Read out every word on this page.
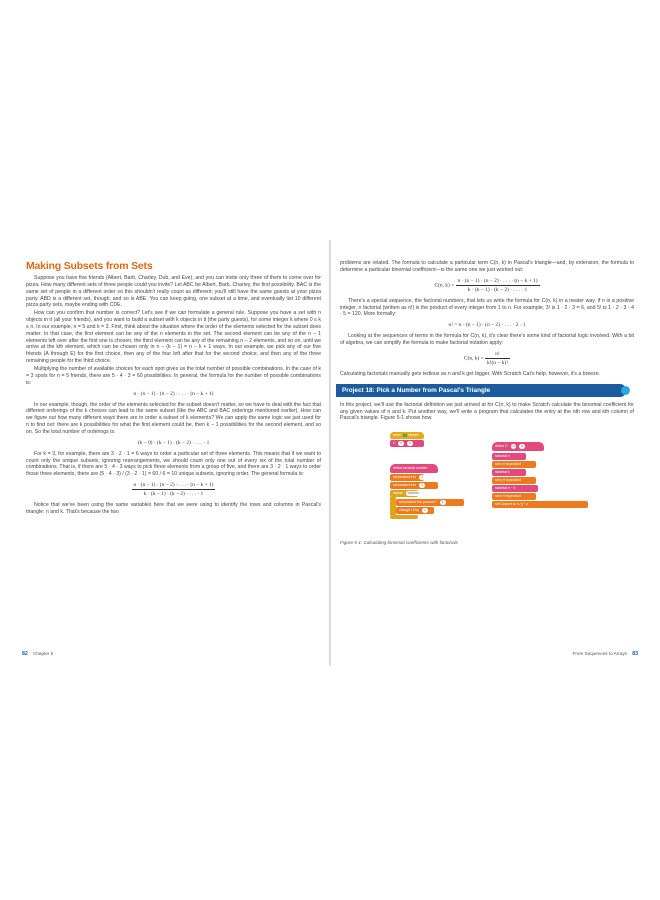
Making Subsets from Sets

Suppose you have five friends (Albert, Barb, Charley, Dub, and Eve), and you can invite only three of them to come over for pizza. How many different sets of three people could you invite? Let ABC be Albert, Barb, Charley, the first possibility. BAC is the same set of people in a different order so this shouldn't really count as different; you'll still have the same guests at your pizza party. ABD is a different set, though, and so is ABE. You can keep going, one subset at a time, and eventually list 10 different pizza party sets, maybe ending with CDE.

How can you confirm that number is correct? Let's see if we can formulate a general rule. Suppose you have a set with n objects in it (all your friends), and you want to build a subset with k objects in it (the party guests), for some integer k where 0 ≤ k ≤ n. In our example, n = 5 and k = 3. First, think about the situation where the order of the elements selected for the subset does matter. In that case, the first element can be any of the n elements in the set. The second element can be any of the n − 1 elements left over after the first one is chosen, the third element can be any of the remaining n − 2 elements, and so on, until we arrive at the kth element, which can be chosen only in n − (k − 1) = n − k + 1 ways. In our example, we pick any of our five friends (A through E) for the first choice, then any of the four left after that for the second choice, and then any of the three remaining people for the third choice.

Multiplying the number of available choices for each spot gives us the total number of possible combinations. In the case of k = 3 spots for n = 5 friends, there are 5 · 4 · 3 = 60 possibilities. In general, the formula for the number of possible combinations is:

n · (n − 1) · (n − 2) · . . . · (n − k + 1)

In our example, though, the order of the elements selected for the subset doesn't matter, so we have to deal with the fact that different orderings of the k choices can lead to the same subset (like the ABC and BAC orderings mentioned earlier). How can we figure out how many different ways there are to order a subset of k elements? We can apply the same logic we just used for n to find out: there are k possibilities for what the first element could be, then k − 1 possibilities for the second element, and so on. So the total number of orderings is:

(k − 0) · (k − 1) · (k − 2) · . . . · 1

For k = 3, for example, there are 3 · 2 · 1 = 6 ways to order a particular set of three elements. This means that if we want to count only the unique subsets, ignoring rearrangements, we should count only one out of every six of the total number of combinations. That is, if there are 5 · 4 · 3 ways to pick three elements from a group of five, and there are 3 · 2 · 1 ways to order those three elements, there are (5 · 4 · 3) / (3 · 2 · 1) = 60 / 6 = 10 unique subsets, ignoring order. The general formula is:

$\frac{n \cdot (n - 1) \cdot (n - 2) \cdot . . . \cdot (n - k + 1)}{k \cdot (k - 1) \cdot (k - 2) \cdot . . . \cdot 1}$

Notice that we've been using the same variables here that we were using to identify the rows and columns in Pascal's triangle: n and k. That's because the two

problems are related. The formula to calculate a particular term C(n, k) in Pascal's triangle—and, by extension, the formula to determine a particular binomial coefficient—is the same one we just worked out:

C(n, $k) = \frac{n \cdot (n - 1) \cdot (n - 2) \cdot . . . \cdot (n - k + 1)}{k \cdot (k - 1) \cdot (k - 2) \cdot . . . \cdot 1}$

There's a special sequence, the factorial numbers, that lets us write the formula for C(n, k) in a neater way. If n is a positive integer, n factorial (written as n!) is the product of every integer from 1 to n. For example, 3! is 1 · 2 · 3 = 6, and 5! is 1 · 2 · 3 · 4 · 5 = 120. More formally:

n! = n · (n − 1) · (n − 2) · . . . · 2 · 1

Looking at the sequences of terms in the formula for C(n, k), it's clear there's some kind of factorial logic involved. With a bit of algebra, we can simplify the formula to make factorial notation apply:

C(n, $k) = \frac{n!}{k!(n - k)!}$

Calculating factorials manually gets tedious as n and k get bigger. With Scratch Cat's help, however, it's a breeze.

Project 18: Pick a Number from Pascal's Triangle

In this project, we'll use the factorial definition we just arrived at for C(n, k) to make Scratch calculate the binomial coefficient for any given values of n and k. Put another way, we'll write a program that calculates the entry at the nth row and kth column of Pascal's triangle. Figure 5-1 shows how.

when clicked
C n k
define factorial number
set product ▾ to 1
set product ▾ to 1
repeat number
set product ▾ to product * 1
change i ▾ by 1
define C n k
factorial n
set x ▾ to product
factorial k
set y ▾ to product
factorial n − k
set z ▾ to product
set Count ▾ to x / y * z
Figure 5-1: Calculating binomial coefficients with factorials
82 Chapter 5	From Sequences to Arrays 83
